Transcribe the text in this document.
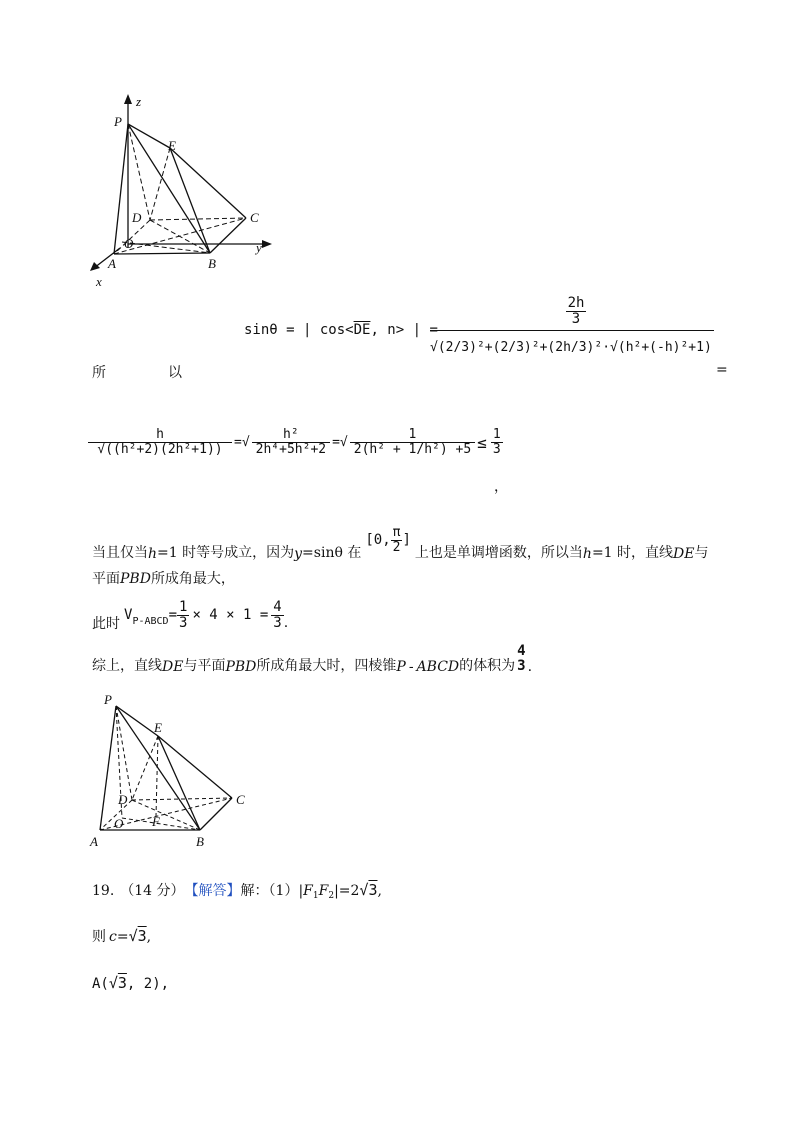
z
P
E
D	C
O	y
A	B
x
sinθ = | $\cos<\overline{DE}$, n> | =
$\frac{2h}{3}$
√(2/3)²+(2/3)²+(2h/3)²·√(h²+(-h)²+1)
所	以	=
$\frac{h}{\text{√((h²+2)(2h²+1))}}$ =√ $\frac{\text{h²}}{\text{2h⁴+5h²+2}}$ =√ $\frac{1}{\text{2(h² + 1/h²) +5}} \le \frac{1}{3}$
，
当且仅当 h =1 时等号成立，因为 y =sinθ 在
[0, $\frac{\pi}{2}$ ]
上也是单调增函数，所以当 h =1 时，直线 DE 与
平面PBD所成角最大，
此时
V P-ABCD = $\frac{1}{3} \times 4 \times 1 = \frac{4}{3}$ .
综上，直线 DE 与平面 PBD 所成角最大时，四棱锥 P - ABCD 的体积为
4
3 .
P
E
D	C
O F
A	B
19. （14 分） 【解答】 解：（1）| F 1 F 2 |=2 √3 ,
则 c = √3 ,
A( √3 , 2),
